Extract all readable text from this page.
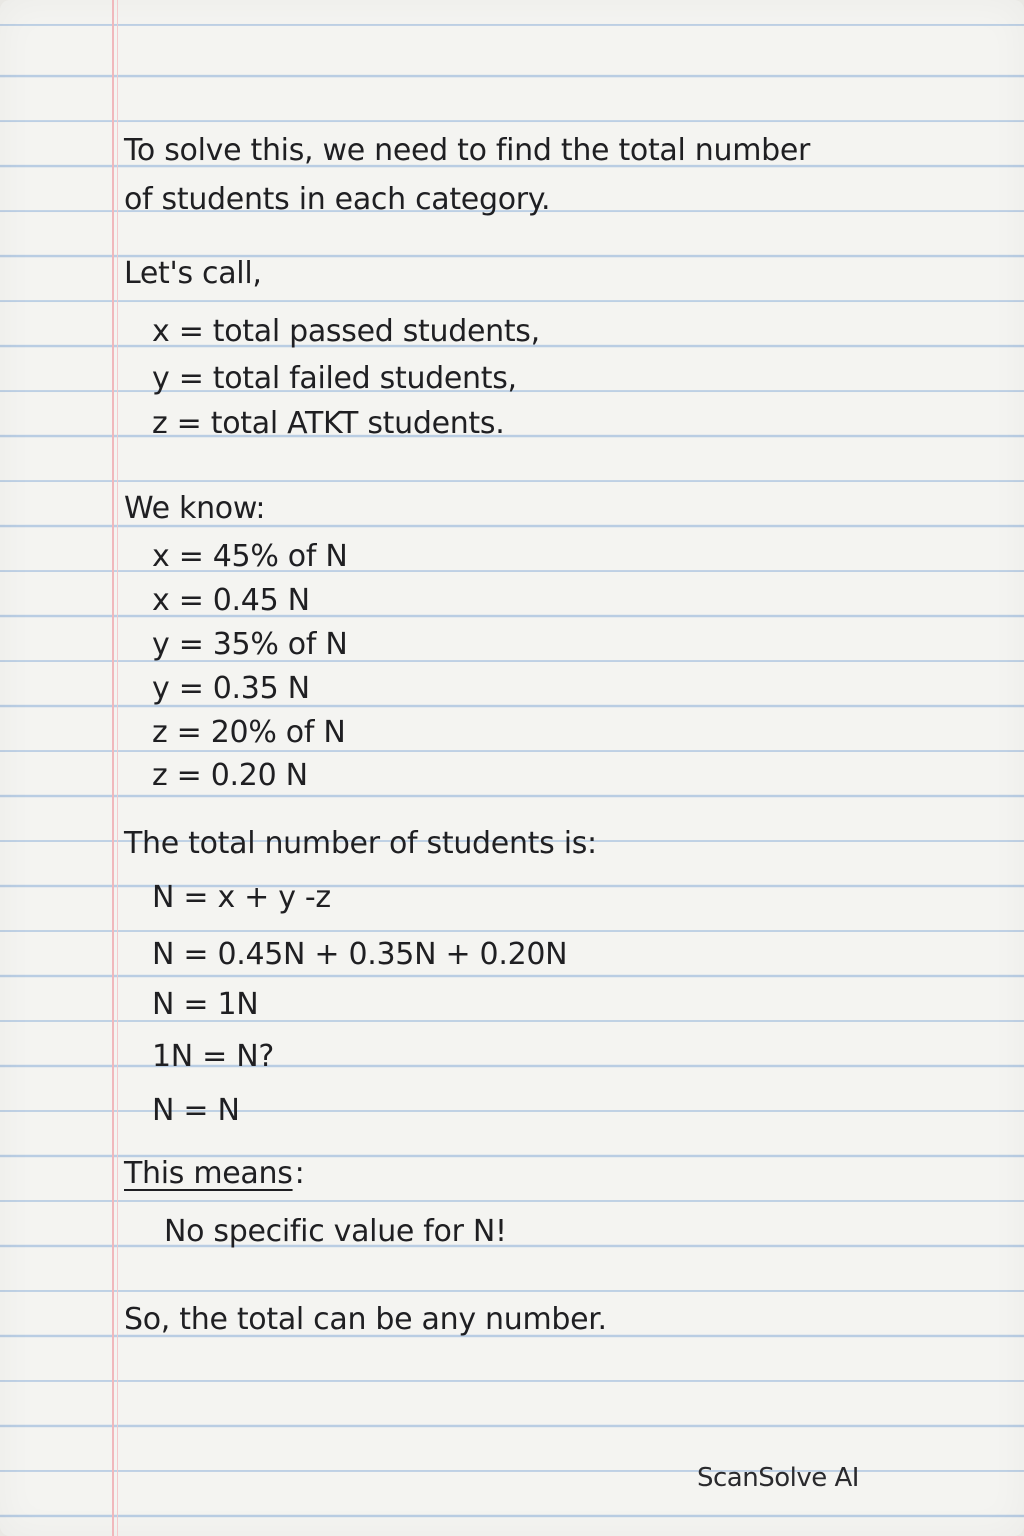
To solve this, we need to find the total number
of students in each category.
Let's call,
x = total passed students,
y = total failed students,
z = total ATKT students.
We know:
x = 45% of N
x = 0.45 N
y = 35% of N
y = 0.35 N
z = 20% of N
z = 0.20 N
The total number of students is:
N = x + y -z
N = 0.45N + 0.35N + 0.20N
N = 1N
1N = N?
N = N
This means:
No specific value for N!
So, the total can be any number.
ScanSolve AI
